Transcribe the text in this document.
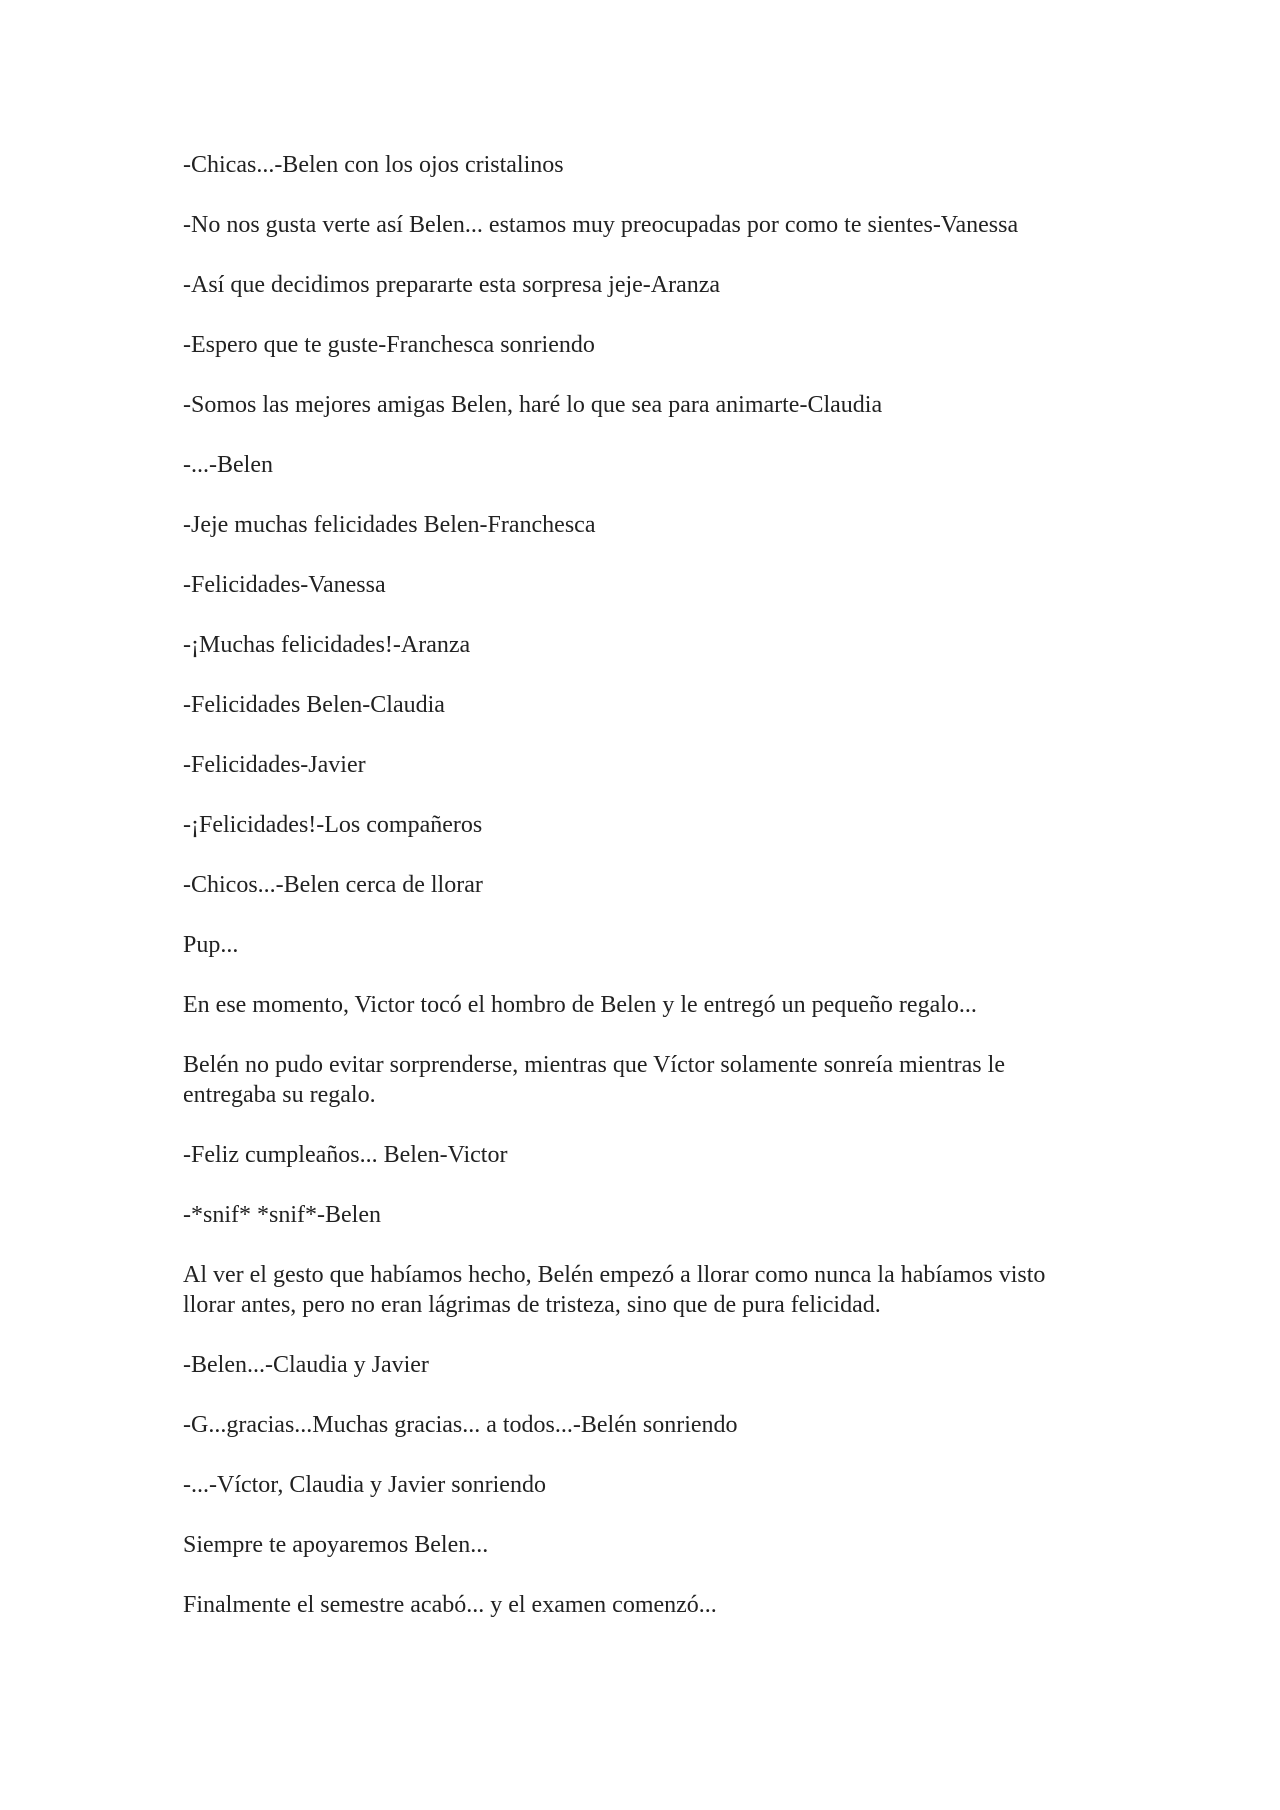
-Chicas...-Belen con los ojos cristalinos

-No nos gusta verte así Belen... estamos muy preocupadas por como te sientes-Vanessa

-Así que decidimos prepararte esta sorpresa jeje-Aranza

-Espero que te guste-Franchesca sonriendo

-Somos las mejores amigas Belen, haré lo que sea para animarte-Claudia

-...-Belen

-Jeje muchas felicidades Belen-Franchesca

-Felicidades-Vanessa

-¡Muchas felicidades!-Aranza

-Felicidades Belen-Claudia

-Felicidades-Javier

-¡Felicidades!-Los compañeros

-Chicos...-Belen cerca de llorar

Pup...

En ese momento, Victor tocó el hombro de Belen y le entregó un pequeño regalo...

Belén no pudo evitar sorprenderse, mientras que Víctor solamente sonreía mientras le entregaba su regalo.

-Feliz cumpleaños... Belen-Victor

-*snif* *snif*-Belen

Al ver el gesto que habíamos hecho, Belén empezó a llorar como nunca la habíamos visto llorar antes, pero no eran lágrimas de tristeza, sino que de pura felicidad.

-Belen...-Claudia y Javier

-G...gracias...Muchas gracias... a todos...-Belén sonriendo

-...-Víctor, Claudia y Javier sonriendo

Siempre te apoyaremos Belen...

Finalmente el semestre acabó... y el examen comenzó...
